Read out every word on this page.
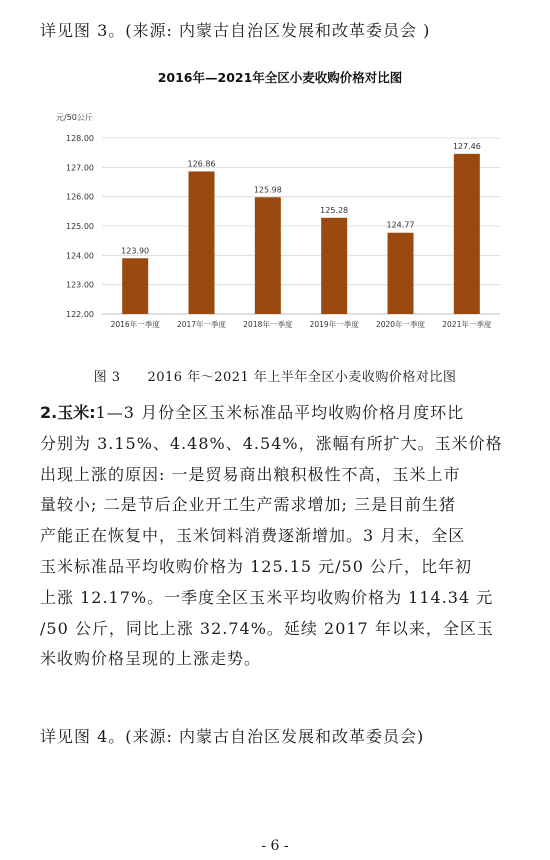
详见图 3。(来源: 内蒙古自治区发展和改革委员会 )
2016年—2021年全区小麦收购价格对比图
元/50公斤
122.00
123.00
124.00
125.00
126.00
127.00
128.00
123.90
2016年一季度
126.86
2017年一季度
125.98
2018年一季度
125.28
2019年一季度
124.77
2020年一季度
127.46
2021年一季度
图 3　　2016 年～2021 年上半年全区小麦收购价格对比图
2.玉米:1—3 月份全区玉米标准品平均收购价格月度环比
分别为 3.15%、4.48%、4.54%，涨幅有所扩大。玉米价格
出现上涨的原因: 一是贸易商出粮积极性不高，玉米上市
量较小; 二是节后企业开工生产需求增加; 三是目前生猪
产能正在恢复中，玉米饲料消费逐渐增加。3 月末，全区
玉米标准品平均收购价格为 125.15 元/50 公斤，比年初
上涨 12.17%。一季度全区玉米平均收购价格为 114.34 元
/50 公斤，同比上涨 32.74%。延续 2017 年以来，全区玉
米收购价格呈现的上涨走势。
详见图 4。(来源: 内蒙古自治区发展和改革委员会)
- 6 -
